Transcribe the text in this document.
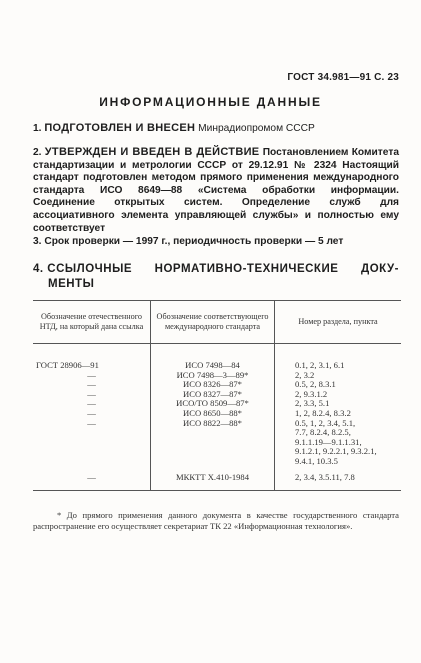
ГОСТ 34.981—91 С. 23
ИНФОРМАЦИОННЫЕ ДАННЫЕ
1. ПОДГОТОВЛЕН И ВНЕСЕН Минрадиопромом СССР
2. УТВЕРЖДЕН И ВВЕДЕН В ДЕЙСТВИЕ Постановлением Комитета стандартизации и метрологии СССР от 29.12.91 № 2324 Настоящий стандарт подготовлен методом прямого применения международного стандарта ИСО 8649—88 «Система обработки информации. Соединение открытых систем. Определение служб для ассоциативного элемента управляющей службы» и полностью ему соответствует
3. Срок проверки — 1997 г., периодичность проверки — 5 лет
4. ССЫЛОЧНЫЕ НОРМАТИВНО-ТЕХНИЧЕСКИЕ ДОКУ-
МЕНТЫ
Обозначение отечественного НТД, на который дана ссылка	Обозначение соответствующего международного стандарта	Номер раздела, пункта
ГОСТ 28906—91	ИСО 7498—84	0.1, 2, 3.1, 6.1
—	ИСО 7498—3—89*	2, 3.2
—	ИСО 8326—87*	0.5, 2, 8.3.1
—	ИСО 8327—87*	2, 9.3.1.2
—	ИСО/ТО 8509—87*	2, 3.3, 5.1
—	ИСО 8650—88*	1, 2, 8.2.4, 8.3.2
—	ИСО 8822—88*	0.5, 1, 2, 3.4, 5.1,
		7.7, 8.2.4, 8.2.5,
		9.1.1.19—9.1.1.31,
		9.1.2.1, 9.2.2.1, 9.3.2.1,
		9.4.1, 10.3.5
—	МККТТ Х.410-1984	2, 3.4, 3.5.11, 7.8
* До прямого применения данного документа в качестве государственного стандарта распространение его осуществляет секретариат ТК 22 «Информационная технология».
